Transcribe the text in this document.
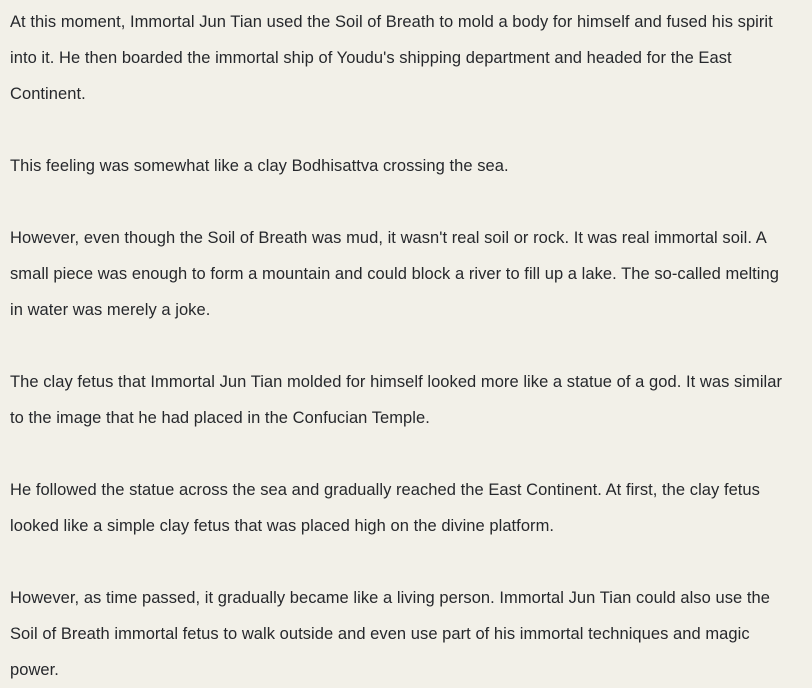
At this moment, Immortal Jun Tian used the Soil of Breath to mold a body for himself and fused his spirit into it. He then boarded the immortal ship of Youdu's shipping department and headed for the East Continent.

This feeling was somewhat like a clay Bodhisattva crossing the sea.

However, even though the Soil of Breath was mud, it wasn't real soil or rock. It was real immortal soil. A small piece was enough to form a mountain and could block a river to fill up a lake. The so-called melting in water was merely a joke.

The clay fetus that Immortal Jun Tian molded for himself looked more like a statue of a god. It was similar to the image that he had placed in the Confucian Temple.

He followed the statue across the sea and gradually reached the East Continent. At first, the clay fetus looked like a simple clay fetus that was placed high on the divine platform.

However, as time passed, it gradually became like a living person. Immortal Jun Tian could also use the Soil of Breath immortal fetus to walk outside and even use part of his immortal techniques and magic power.
